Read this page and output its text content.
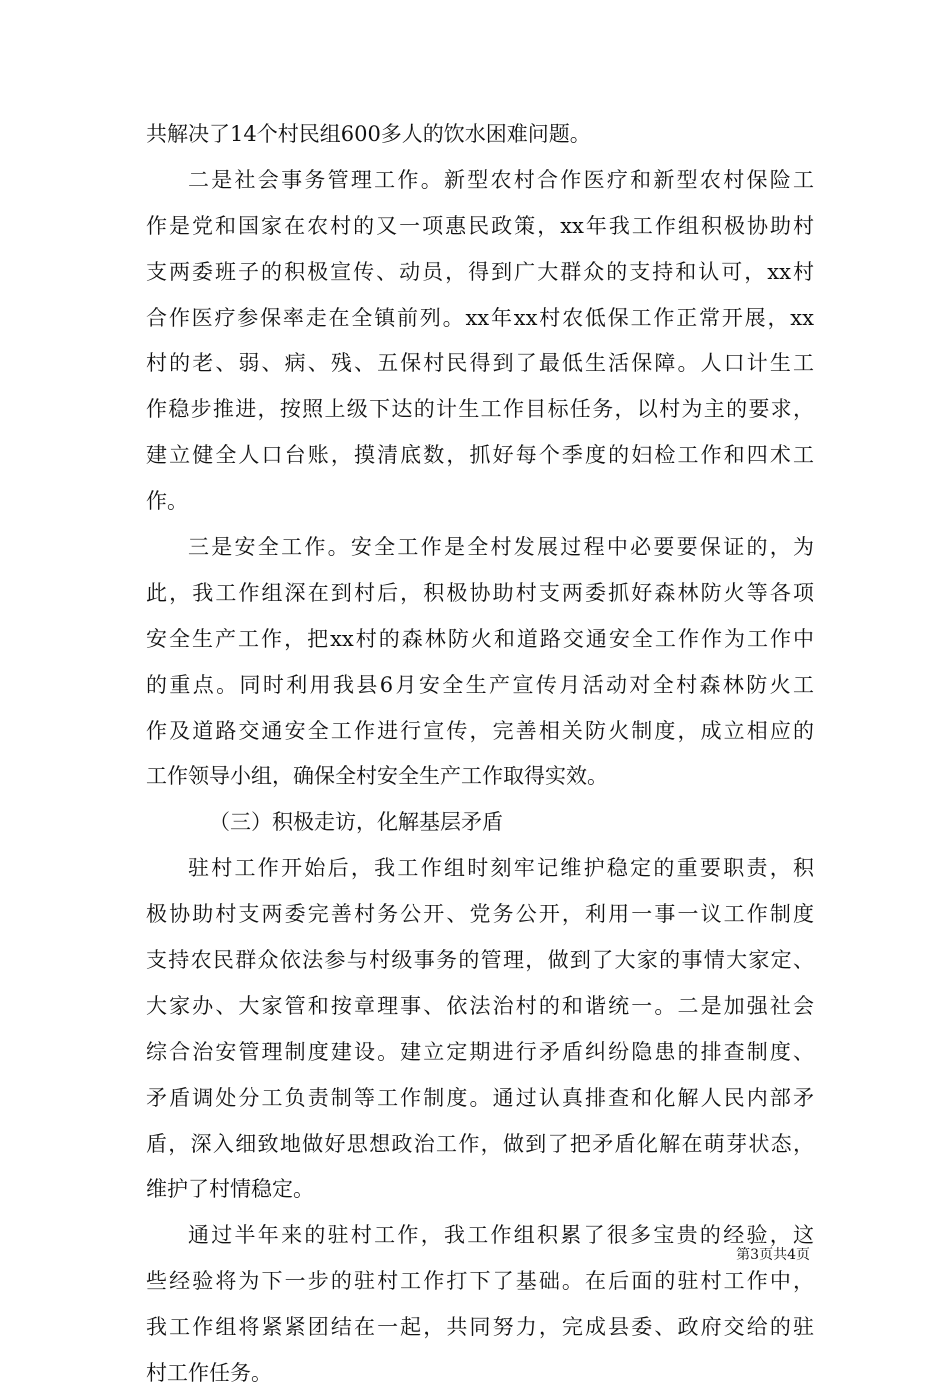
共解决了14个村民组600多人的饮水困难问题。
二是社会事务管理工作。新型农村合作医疗和新型农村保险工
作是党和国家在农村的又一项惠民政策，xx年我工作组积极协助村
支两委班子的积极宣传、动员，得到广大群众的支持和认可，xx村
合作医疗参保率走在全镇前列。xx年xx村农低保工作正常开展，xx
村的老、弱、病、残、五保村民得到了最低生活保障。人口计生工
作稳步推进，按照上级下达的计生工作目标任务，以村为主的要求，
建立健全人口台账，摸清底数，抓好每个季度的妇检工作和四术工
作。
三是安全工作。安全工作是全村发展过程中必要要保证的，为
此，我工作组深在到村后，积极协助村支两委抓好森林防火等各项
安全生产工作，把xx村的森林防火和道路交通安全工作作为工作中
的重点。同时利用我县6月安全生产宣传月活动对全村森林防火工
作及道路交通安全工作进行宣传，完善相关防火制度，成立相应的
工作领导小组，确保全村安全生产工作取得实效。
（三）积极走访，化解基层矛盾
驻村工作开始后，我工作组时刻牢记维护稳定的重要职责，积
极协助村支两委完善村务公开、党务公开，利用一事一议工作制度
支持农民群众依法参与村级事务的管理，做到了大家的事情大家定、
大家办、大家管和按章理事、依法治村的和谐统一。二是加强社会
综合治安管理制度建设。建立定期进行矛盾纠纷隐患的排查制度、
矛盾调处分工负责制等工作制度。通过认真排查和化解人民内部矛
盾，深入细致地做好思想政治工作，做到了把矛盾化解在萌芽状态，
维护了村情稳定。
通过半年来的驻村工作，我工作组积累了很多宝贵的经验，这
些经验将为下一步的驻村工作打下了基础。在后面的驻村工作中，
我工作组将紧紧团结在一起，共同努力，完成县委、政府交给的驻
村工作任务。
第3页共4页
